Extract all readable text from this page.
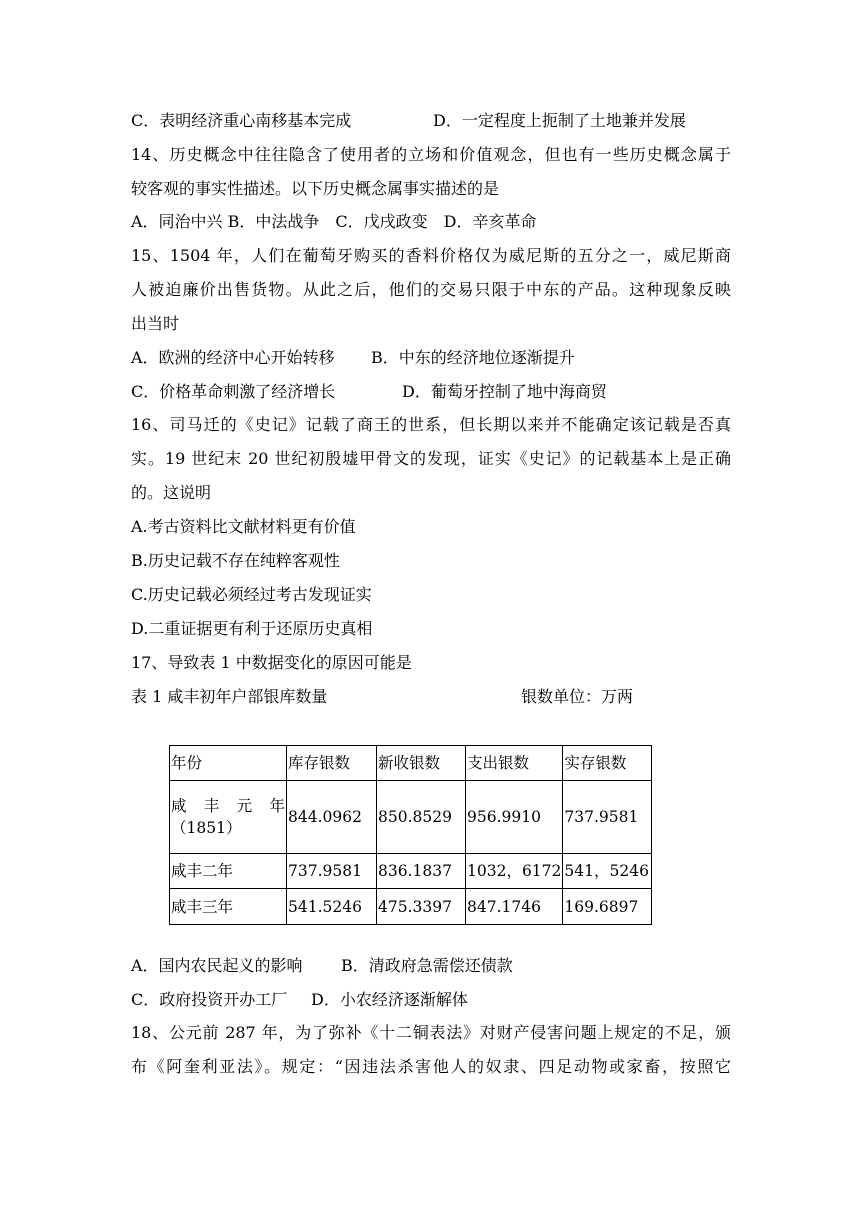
C．表明经济重心南移基本完成	D．一定程度上扼制了土地兼并发展
14、历史概念中往往隐含了使用者的立场和价值观念，但也有一些历史概念属于
较客观的事实性描述。以下历史概念属事实描述的是
A．同治中兴 B．中法战争　C．戊戌政变　D．辛亥革命
15、1504 年，人们在葡萄牙购买的香料价格仅为威尼斯的五分之一，威尼斯商
人被迫廉价出售货物。从此之后，他们的交易只限于中东的产品。这种现象反映
出当时
A．欧洲的经济中心开始转移 B．中东的经济地位逐渐提升
C．价格革命刺激了经济增长	D．葡萄牙控制了地中海商贸
16、司马迁的《史记》记载了商王的世系，但长期以来并不能确定该记载是否真
实。19 世纪末 20 世纪初殷墟甲骨文的发现，证实《史记》的记载基本上是正确
的。这说明
A.考古资料比文献材料更有价值
B.历史记载不存在纯粹客观性
C.历史记载必须经过考古发现证实
D.二重证据更有利于还原历史真相
17、导致表 1 中数据变化的原因可能是
表 1 咸丰初年户部银库数量	银数单位：万两
年份	库存银数	新收银数	支出银数	实存银数

咸　丰　元　年
（1851）	844.0962	850.8529	956.9910	737.9581
咸丰二年	737.9581	836.1837	1032，6172	541，5246
咸丰三年	541.5246	475.3397	847.1746	169.6897
A．国内农民起义的影响 B．清政府急需偿还债款
C．政府投资开办工厂 D．小农经济逐渐解体
18、公元前 287 年，为了弥补《十二铜表法》对财产侵害问题上规定的不足，颁
布《阿奎利亚法》。规定：“因违法杀害他人的奴隶、四足动物或家畜，按照它
